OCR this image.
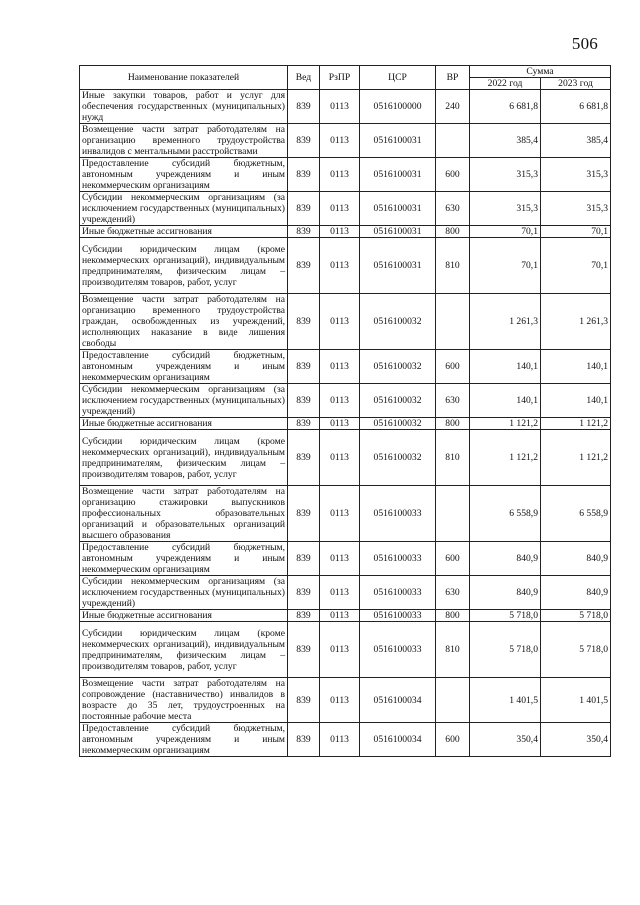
506
Наименование показателей	Вед	РзПР	ЦСР	ВР	Сумма	
					2022 год	2023 год
Иные закупки товаров, работ и услуг для обеспечения государственных (муниципальных) нужд	839	0113	0516100000	240	6 681,8	6 681,8
Возмещение части затрат работодателям на организацию временного трудоустройства инвалидов с ментальными расстройствами	839	0113	0516100031		385,4	385,4
Предоставление субсидий бюджетным, автономным учреждениям и иным некоммерческим организациям	839	0113	0516100031	600	315,3	315,3
Субсидии некоммерческим организациям (за исключением государственных (муниципальных) учреждений)	839	0113	0516100031	630	315,3	315,3
Иные бюджетные ассигнования	839	0113	0516100031	800	70,1	70,1
Субсидии юридическим лицам (кроме некоммерческих организаций), индивидуальным предпринимателям, физическим лицам – производителям товаров, работ, услуг	839	0113	0516100031	810	70,1	70,1
Возмещение части затрат работодателям на организацию временного трудоустройства граждан, освобожденных из учреждений, исполняющих наказание в виде лишения свободы	839	0113	0516100032		1 261,3	1 261,3
Предоставление субсидий бюджетным, автономным учреждениям и иным некоммерческим организациям	839	0113	0516100032	600	140,1	140,1
Субсидии некоммерческим организациям (за исключением государственных (муниципальных) учреждений)	839	0113	0516100032	630	140,1	140,1
Иные бюджетные ассигнования	839	0113	0516100032	800	1 121,2	1 121,2
Субсидии юридическим лицам (кроме некоммерческих организаций), индивидуальным предпринимателям, физическим лицам – производителям товаров, работ, услуг	839	0113	0516100032	810	1 121,2	1 121,2
Возмещение части затрат работодателям на организацию стажировки выпускников профессиональных образовательных организаций и образовательных организаций высшего образования	839	0113	0516100033		6 558,9	6 558,9
Предоставление субсидий бюджетным, автономным учреждениям и иным некоммерческим организациям	839	0113	0516100033	600	840,9	840,9
Субсидии некоммерческим организациям (за исключением государственных (муниципальных) учреждений)	839	0113	0516100033	630	840,9	840,9
Иные бюджетные ассигнования	839	0113	0516100033	800	5 718,0	5 718,0
Субсидии юридическим лицам (кроме некоммерческих организаций), индивидуальным предпринимателям, физическим лицам – производителям товаров, работ, услуг	839	0113	0516100033	810	5 718,0	5 718,0
Возмещение части затрат работодателям на сопровождение (наставничество) инвалидов в возрасте до 35 лет, трудоустроенных на постоянные рабочие места	839	0113	0516100034		1 401,5	1 401,5
Предоставление субсидий бюджетным, автономным учреждениям и иным некоммерческим организациям	839	0113	0516100034	600	350,4	350,4
